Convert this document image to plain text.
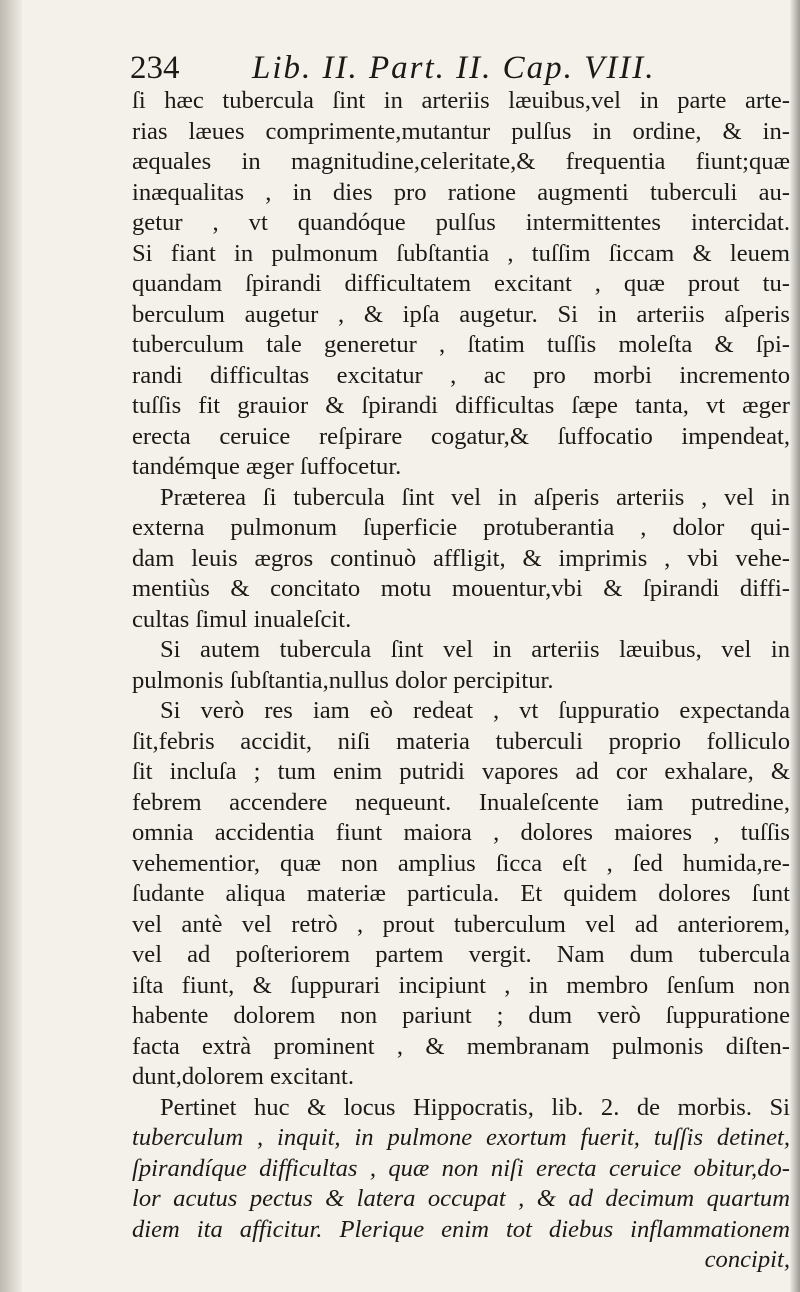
234 Lib. II. Part. II. Cap. VIII.
ſi hæc tubercula ſint in arteriis læuibus,vel in parte arte-
rias læues comprimente,mutantur pulſus in ordine, & in-
æquales in magnitudine,celeritate,& frequentia fiunt;quæ
inæqualitas , in dies pro ratione augmenti tuberculi au-
getur , vt quandóque pulſus intermittentes intercidat.
Si fiant in pulmonum ſubſtantia , tuſſim ſiccam & leuem
quandam ſpirandi difficultatem excitant , quæ prout tu-
berculum augetur , & ipſa augetur. Si in arteriis aſperis
tuberculum tale generetur , ſtatim tuſſis moleſta & ſpi-
randi difficultas excitatur , ac pro morbi incremento
tuſſis fit grauior & ſpirandi difficultas ſæpe tanta, vt æger
erecta ceruice reſpirare cogatur,& ſuffocatio impendeat,
tandémque æger ſuffocetur.
Præterea ſi tubercula ſint vel in aſperis arteriis , vel in
externa pulmonum ſuperficie protuberantia , dolor qui-
dam leuis ægros continuò affligit, & imprimis , vbi vehe-
mentiùs & concitato motu mouentur,vbi & ſpirandi diffi-
cultas ſimul inualeſcit.
Si autem tubercula ſint vel in arteriis læuibus, vel in
pulmonis ſubſtantia,nullus dolor percipitur.
Si verò res iam eò redeat , vt ſuppuratio expectanda
ſit,febris accidit, niſi materia tuberculi proprio folliculo
ſit incluſa ; tum enim putridi vapores ad cor exhalare, &
febrem accendere nequeunt. Inualeſcente iam putredine,
omnia accidentia fiunt maiora , dolores maiores , tuſſis
vehementior, quæ non amplius ſicca eſt , ſed humida,re-
ſudante aliqua materiæ particula. Et quidem dolores ſunt
vel antè vel retrò , prout tuberculum vel ad anteriorem,
vel ad poſteriorem partem vergit. Nam dum tubercula
iſta fiunt, & ſuppurari incipiunt , in membro ſenſum non
habente dolorem non pariunt ; dum verò ſuppuratione
facta extrà prominent , & membranam pulmonis diſten-
dunt,dolorem excitant.
Pertinet huc & locus Hippocratis, lib. 2. de morbis. Si
tuberculum , inquit, in pulmone exortum fuerit, tuſſis detinet,
ſpirandíque difficultas , quæ non niſi erecta ceruice obitur,do-
lor acutus pectus & latera occupat , & ad decimum quartum
diem ita afficitur. Plerique enim tot diebus inflammationem
concipit,
